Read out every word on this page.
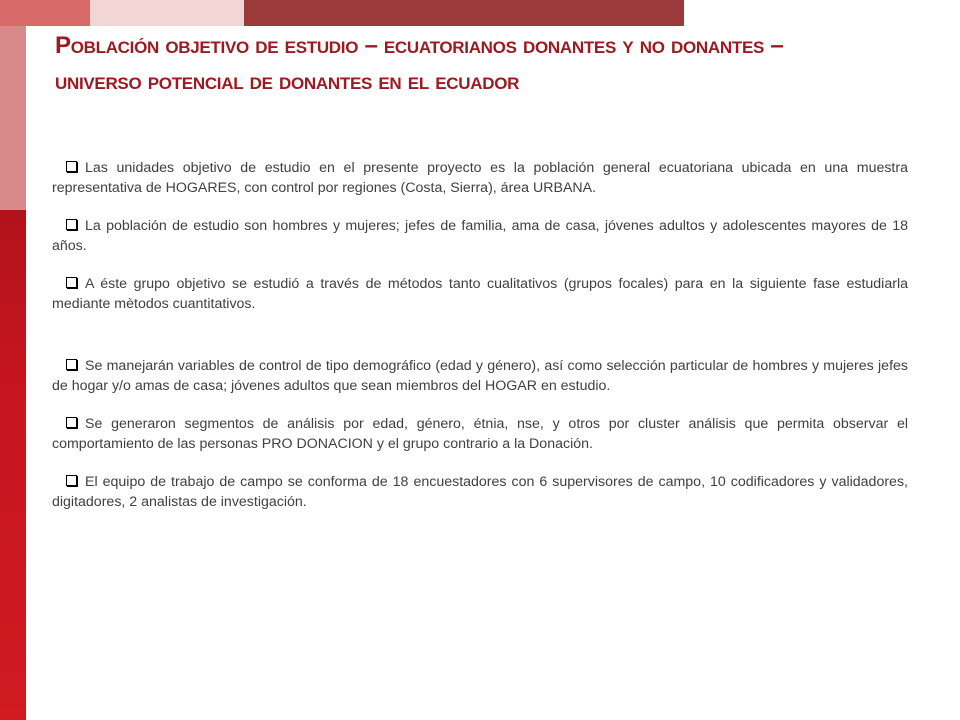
Población objetivo de estudio – ecuatorianos donantes y no donantes –
universo potencial de donantes en el ecuador

Las unidades objetivo de estudio en el presente proyecto es la población general ecuatoriana ubicada en una muestra representativa de HOGARES, con control por regiones (Costa, Sierra), área URBANA.

La población de estudio son hombres y mujeres; jefes de familia, ama de casa, jóvenes adultos y adolescentes mayores de 18 años.

A éste grupo objetivo se estudió a través de métodos tanto cualitativos (grupos focales) para en la siguiente fase estudiarla mediante mètodos cuantitativos.

Se manejarán variables de control de tipo demográfico (edad y género), así como selección particular de hombres y mujeres jefes de hogar y/o amas de casa; jóvenes adultos que sean miembros del HOGAR en estudio.

Se generaron segmentos de análisis por edad, género, étnia, nse, y otros por cluster análisis que permita observar el comportamiento de las personas PRO DONACION y el grupo contrario a la Donación.

El equipo de trabajo de campo se conforma de 18 encuestadores con 6 supervisores de campo, 10 codificadores y validadores, digitadores, 2 analistas de investigación.
